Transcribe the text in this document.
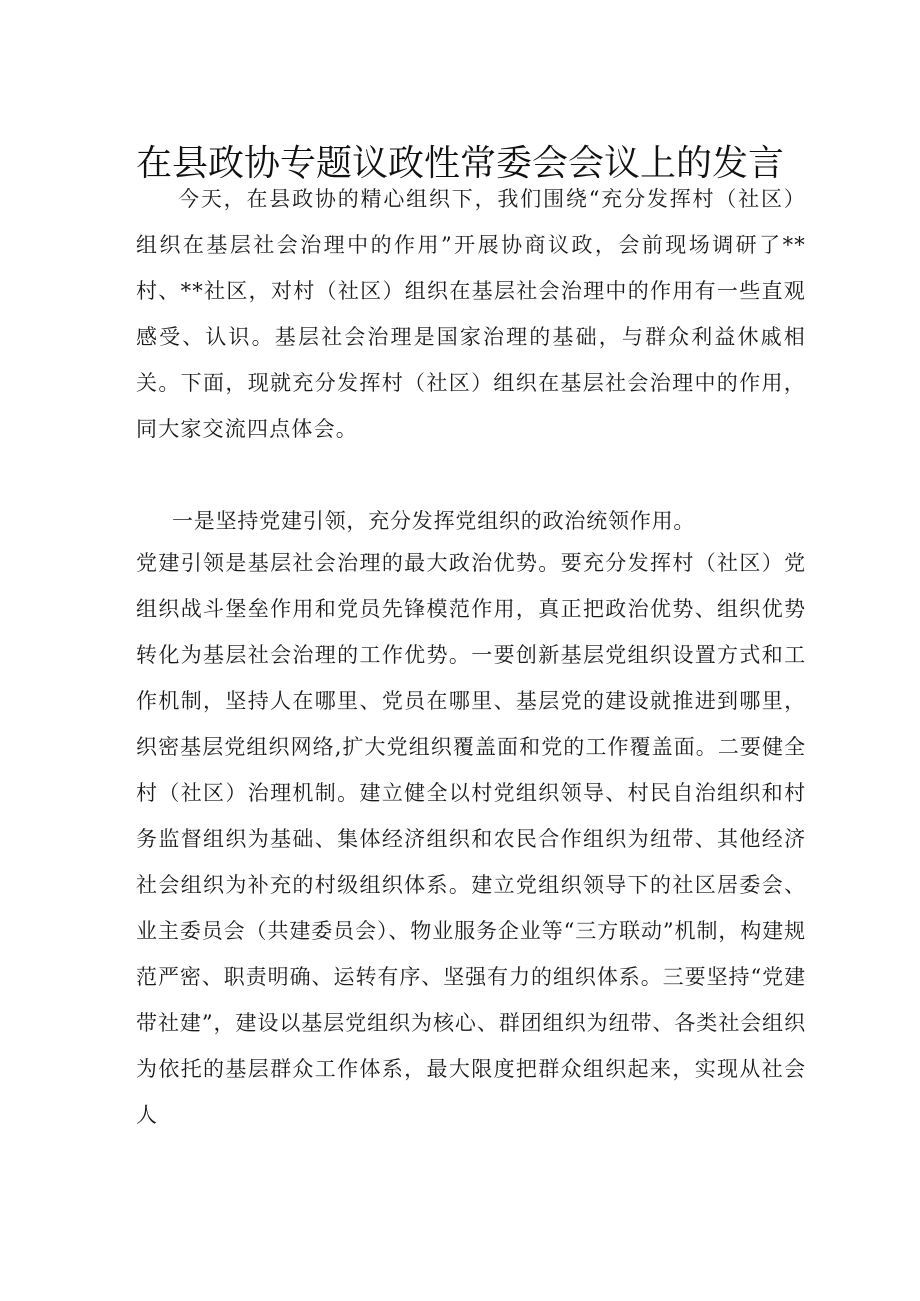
在县政协专题议政性常委会会议上的发言

今天，在县政协的精心组织下，我们围绕“充分发挥村（社区）组织在基层社会治理中的作用”开展协商议政，会前现场调研了**村、**社区，对村（社区）组织在基层社会治理中的作用有一些直观感受、认识。基层社会治理是国家治理的基础，与群众利益休戚相关。下面，现就充分发挥村（社区）组织在基层社会治理中的作用，同大家交流四点体会。

一是坚持党建引领，充分发挥党组织的政治统领作用。

党建引领是基层社会治理的最大政治优势。要充分发挥村（社区）党组织战斗堡垒作用和党员先锋模范作用，真正把政治优势、组织优势转化为基层社会治理的工作优势。一要创新基层党组织设置方式和工作机制，坚持人在哪里、党员在哪里、基层党的建设就推进到哪里，织密基层党组织网络,扩大党组织覆盖面和党的工作覆盖面。二要健全村（社区）治理机制。建立健全以村党组织领导、村民自治组织和村务监督组织为基础、集体经济组织和农民合作组织为纽带、其他经济社会组织为补充的村级组织体系。建立党组织领导下的社区居委会、业主委员会（共建委员会）、物业服务企业等“三方联动”机制，构建规范严密、职责明确、运转有序、坚强有力的组织体系。三要坚持“党建带社建”，建设以基层党组织为核心、群团组织为纽带、各类社会组织为依托的基层群众工作体系，最大限度把群众组织起来，实现从社会人
